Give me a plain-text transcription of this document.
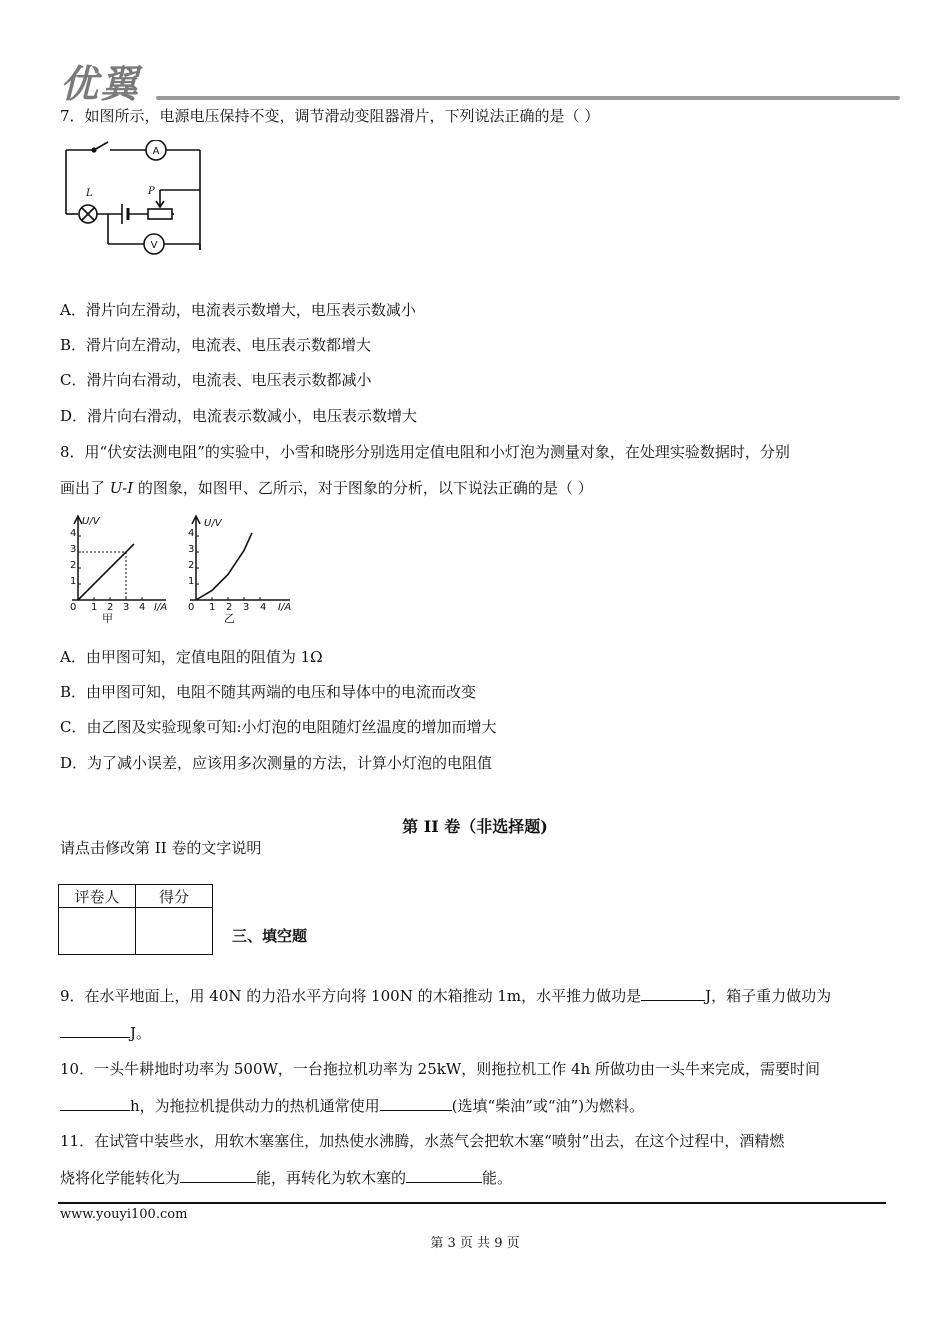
优翼
7．如图所示，电源电压保持不变，调节滑动变阻器滑片，下列说法正确的是（ ）
A
V
L	P
A．滑片向左滑动，电流表示数增大，电压表示数减小
B．滑片向左滑动，电流表、电压表示数都增大
C．滑片向右滑动，电流表、电压表示数都减小
D．滑片向右滑动，电流表示数减小，电压表示数增大
8．用“伏安法测电阻”的实验中，小雪和晓彤分别选用定值电阻和小灯泡为测量对象，在处理实验数据时，分别
画出了 U-I 的图象，如图甲、乙所示，对于图象的分析，以下说法正确的是（ ）
U/V
I/A
0
1
2
3
4
1 2 3 4
甲
U/V
I/A
0
1
2
3
4
1 2 3 4
乙
A．由甲图可知，定值电阻的阻值为 1Ω
B．由甲图可知，电阻不随其两端的电压和导体中的电流而改变
C．由乙图及实验现象可知:小灯泡的电阻随灯丝温度的增加而增大
D．为了减小误差，应该用多次测量的方法，计算小灯泡的电阻值
第 II 卷（非选择题)
请点击修改第 II 卷的文字说明
评卷人	得分

三、填空题
9．在水平地面上，用 40N 的力沿水平方向将 100N 的木箱推动 1m，水平推力做功是	J，箱子重力做功为
J。
10．一头牛耕地时功率为 500W，一台拖拉机功率为 25kW，则拖拉机工作 4h 所做功由一头牛来完成，需要时间
h，为拖拉机提供动力的热机通常使用	(选填“柴油”或“油”)为燃料。
11．在试管中装些水，用软木塞塞住，加热使水沸腾，水蒸气会把软木塞“喷射”出去，在这个过程中，酒精燃
烧将化学能转化为	能，再转化为软木塞的	能。
www.youyi100.com
第 3 页 共 9 页
